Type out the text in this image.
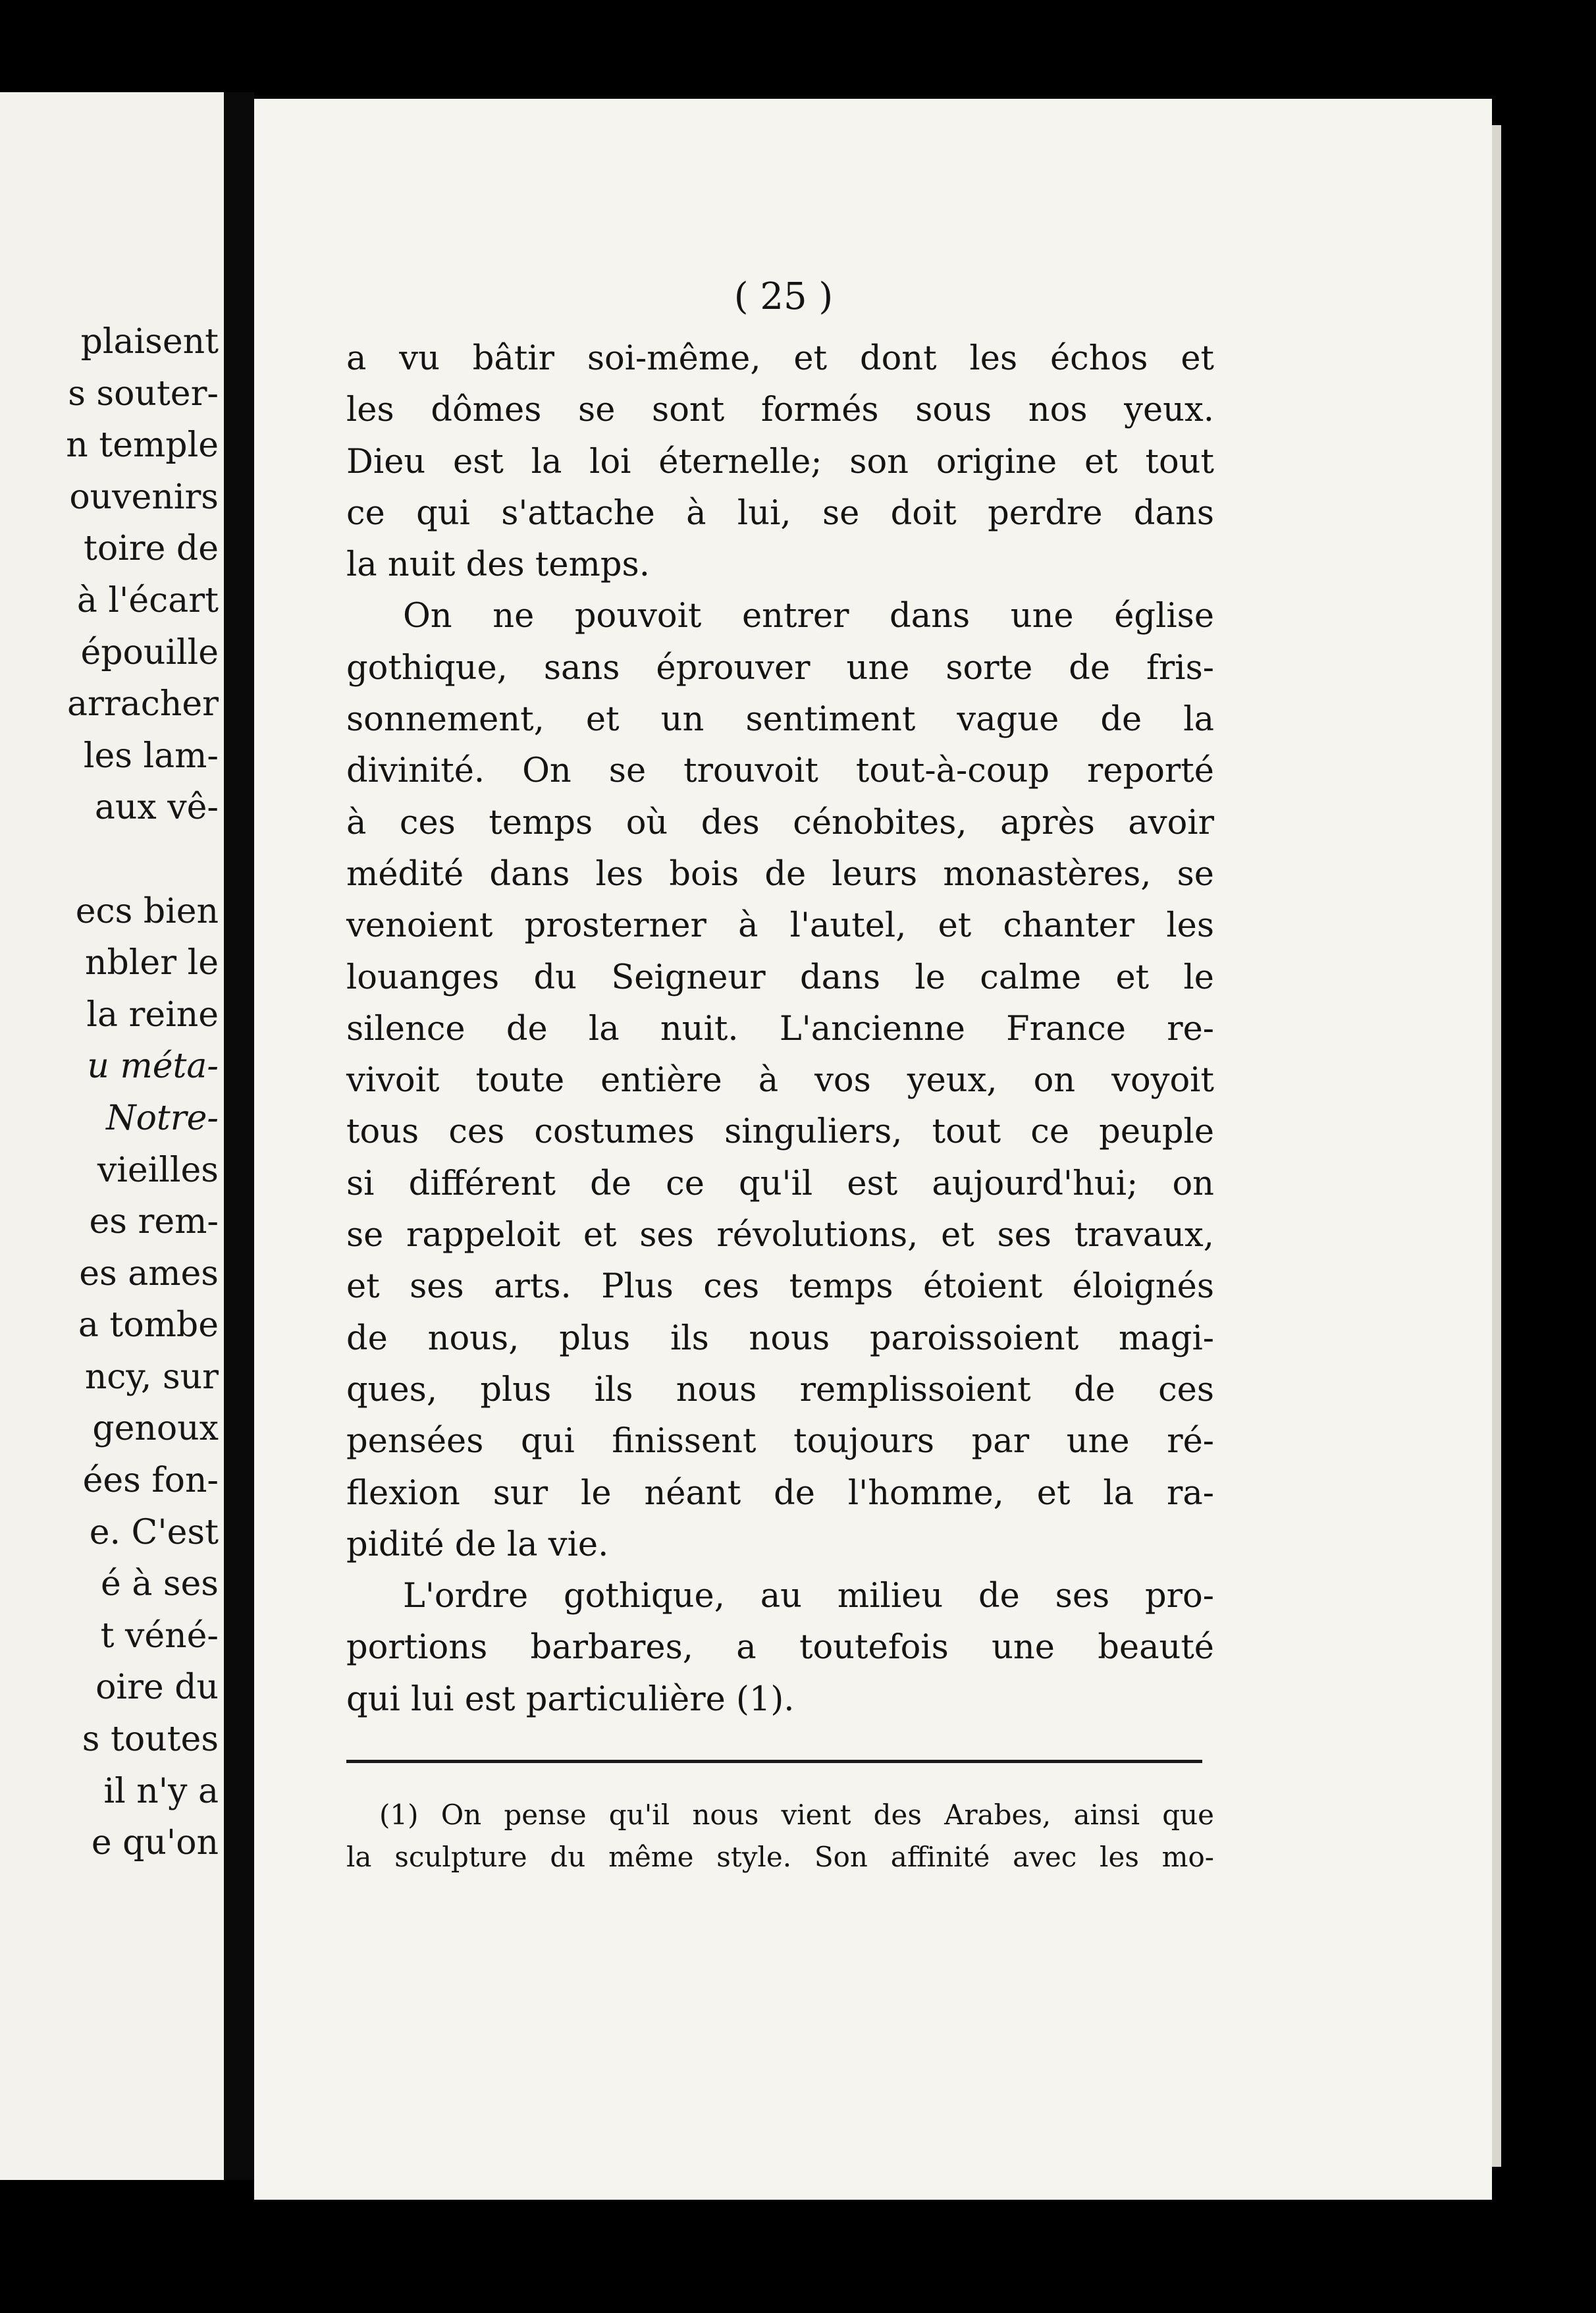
plaisent
s souter-
n temple
ouvenirs
toire de
à l'écart
épouille
arracher
les lam-
aux vê-
ecs bien
nbler le
la reine
u méta-
Notre-
vieilles
es rem-
es ames
a tombe
ncy, sur
genoux
ées fon-
e. C'est
é à ses
t véné-
oire du
s toutes
il n'y a
e qu'on
( 25 )
a vu bâtir soi-même, et dont les échos et
les dômes se sont formés sous nos yeux.
Dieu est la loi éternelle; son origine et tout
ce qui s'attache à lui, se doit perdre dans
la nuit des temps.
On ne pouvoit entrer dans une église
gothique, sans éprouver une sorte de fris-
sonnement, et un sentiment vague de la
divinité. On se trouvoit tout-à-coup reporté
à ces temps où des cénobites, après avoir
médité dans les bois de leurs monastères, se
venoient prosterner à l'autel, et chanter les
louanges du Seigneur dans le calme et le
silence de la nuit. L'ancienne France re-
vivoit toute entière à vos yeux, on voyoit
tous ces costumes singuliers, tout ce peuple
si différent de ce qu'il est aujourd'hui; on
se rappeloit et ses révolutions, et ses travaux,
et ses arts. Plus ces temps étoient éloignés
de nous, plus ils nous paroissoient magi-
ques, plus ils nous remplissoient de ces
pensées qui finissent toujours par une ré-
flexion sur le néant de l'homme, et la ra-
pidité de la vie.
L'ordre gothique, au milieu de ses pro-
portions barbares, a toutefois une beauté
qui lui est particulière (1).
(1) On pense qu'il nous vient des Arabes, ainsi que
la sculpture du même style. Son affinité avec les mo-
